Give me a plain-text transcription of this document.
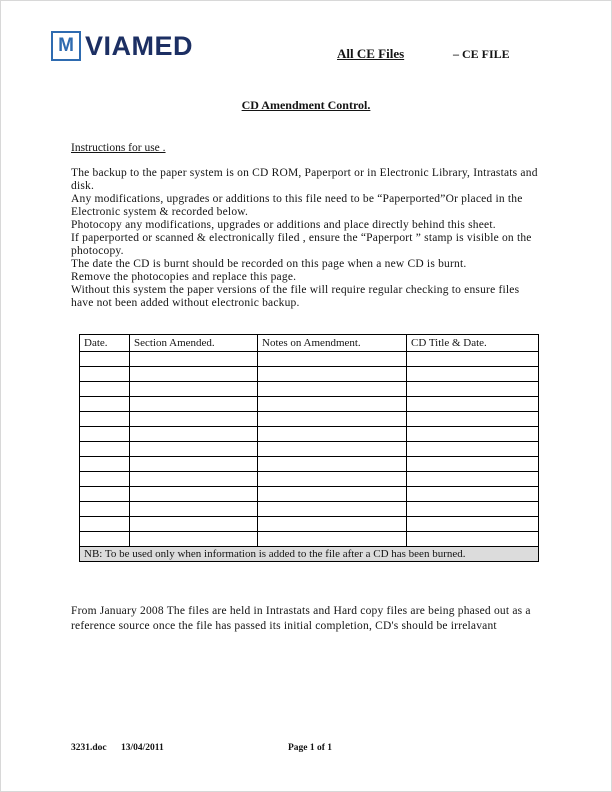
M VIAMED	All CE Files	– CE FILE
CD Amendment Control.
Instructions for use .

The backup to the paper system is on CD ROM, Paperport or in Electronic Library, Intrastats and disk.

Any modifications, upgrades or additions to this file need to be “Paperported”Or placed in the Electronic system & recorded below.

Photocopy any modifications, upgrades or additions and place directly behind this sheet.

If paperported or scanned & electronically filed , ensure the “Paperport ” stamp is visible on the photocopy.

The date the CD is burnt should be recorded on this page when a new CD is burnt.

Remove the photocopies and replace this page.

Without this system the paper versions of the file will require regular checking to ensure files have not been added without electronic backup.

Date.	Section Amended.	Notes on Amendment.	CD Title & Date.

NB: To be used only when information is added to the file after a CD has been burned.			
From January 2008 The files are held in Intrastats and Hard copy files are being phased out as a reference source once the file has passed its initial completion, CD's should be irrelavant
3231.doc 13/04/2011	Page 1 of 1
